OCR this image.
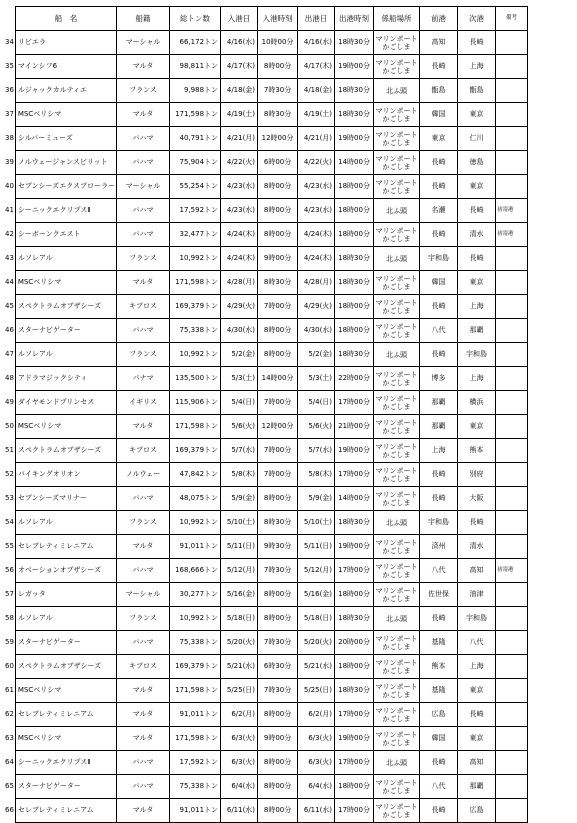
	船　名	船籍	総トン数	入港日	入港時刻	出港日	出港時刻	係船場所	前港	次港	備考
34	リビエラ	マーシャル	66,172トン	4/16(水)	10時00分	4/16(水)	18時30分	マリンポート かごしま	高知	長崎	
35	マインシフ6	マルタ	98,811トン	4/17(木)	8時00分	4/17(木)	19時00分	マリンポート かごしま	長崎	上海	
36	ルジャックカルティエ	フランス	9,988トン	4/18(金)	7時30分	4/18(金)	18時30分	北ふ頭	甑島	甑島	
37	MSCベリシマ	マルタ	171,598トン	4/19(土)	8時30分	4/19(土)	18時30分	マリンポート かごしま	韓国	東京	
38	シルバーミューズ	バハマ	40,791トン	4/21(月)	12時00分	4/21(月)	19時00分	マリンポート かごしま	東京	仁川	
39	ノルウェージャンスピリット	バハマ	75,904トン	4/22(火)	6時00分	4/22(火)	14時00分	マリンポート かごしま	長崎	徳島	
40	セブンシーズエクスプローラー	マーシャル	55,254トン	4/23(水)	8時00分	4/23(水)	18時00分	マリンポート かごしま	長崎	東京	
41	シーニックエクリプスⅡ	バハマ	17,592トン	4/23(水)	8時00分	4/23(水)	18時00分	北ふ頭	名瀬	長崎	初寄港
42	シーボーンクエスト	バハマ	32,477トン	4/24(木)	8時00分	4/24(木)	18時00分	マリンポート かごしま	長崎	清水	初寄港
43	ルソレアル	フランス	10,992トン	4/24(木)	9時00分	4/24(木)	18時30分	北ふ頭	宇和島	長崎	
44	MSCベリシマ	マルタ	171,598トン	4/28(月)	8時30分	4/28(月)	18時30分	マリンポート かごしま	韓国	東京	
45	スペクトラムオブザシーズ	キプロス	169,379トン	4/29(火)	7時00分	4/29(火)	18時00分	マリンポート かごしま	長崎	上海	
46	スターナビゲーター	バハマ	75,338トン	4/30(水)	8時00分	4/30(水)	18時00分	マリンポート かごしま	八代	那覇	
47	ルソレアル	フランス	10,992トン	5/2(金)	8時00分	5/2(金)	18時30分	北ふ頭	長崎	宇和島	
48	アドラマジックシティ	パナマ	135,500トン	5/3(土)	14時00分	5/3(土)	22時00分	マリンポート かごしま	博多	上海	
49	ダイヤモンドプリンセス	イギリス	115,906トン	5/4(日)	7時00分	5/4(日)	17時00分	マリンポート かごしま	那覇	横浜	
50	MSCベリシマ	マルタ	171,598トン	5/6(火)	12時00分	5/6(火)	21時00分	マリンポート かごしま	那覇	東京	
51	スペクトラムオブザシーズ	キプロス	169,379トン	5/7(水)	7時00分	5/7(水)	19時00分	マリンポート かごしま	上海	熊本	
52	バイキングオリオン	ノルウェー	47,842トン	5/8(木)	7時00分	5/8(木)	17時00分	マリンポート かごしま	長崎	別府	
53	セブンシーズマリナー	バハマ	48,075トン	5/9(金)	8時00分	5/9(金)	14時00分	マリンポート かごしま	長崎	大阪	
54	ルソレアル	フランス	10,992トン	5/10(土)	8時30分	5/10(土)	18時30分	北ふ頭	宇和島	長崎	
55	セレブレティミレニアム	マルタ	91,011トン	5/11(日)	9時30分	5/11(日)	19時00分	マリンポート かごしま	済州	清水	
56	オベーションオブザシーズ	バハマ	168,666トン	5/12(月)	7時30分	5/12(月)	17時00分	マリンポート かごしま	八代	高知	初寄港
57	レガッタ	マーシャル	30,277トン	5/16(金)	8時00分	5/16(金)	18時00分	マリンポート かごしま	佐世保	油津	
58	ルソレアル	フランス	10,992トン	5/18(日)	8時00分	5/18(日)	18時30分	北ふ頭	長崎	宇和島	
59	スターナビゲーター	バハマ	75,338トン	5/20(火)	7時30分	5/20(火)	20時00分	マリンポート かごしま	基隆	八代	
60	スペクトラムオブザシーズ	キプロス	169,379トン	5/21(水)	6時30分	5/21(水)	18時00分	マリンポート かごしま	熊本	上海	
61	MSCベリシマ	マルタ	171,598トン	5/25(日)	7時30分	5/25(日)	18時30分	マリンポート かごしま	基隆	東京	
62	セレブレティミレニアム	マルタ	91,011トン	6/2(月)	8時00分	6/2(月)	17時00分	マリンポート かごしま	広島	長崎	
63	MSCベリシマ	マルタ	171,598トン	6/3(火)	9時00分	6/3(火)	19時00分	マリンポート かごしま	韓国	東京	
64	シーニックエクリプスⅡ	バハマ	17,592トン	6/3(火)	8時00分	6/3(火)	17時00分	北ふ頭	長崎	高知	
65	スターナビゲーター	バハマ	75,338トン	6/4(水)	8時00分	6/4(水)	18時00分	マリンポート かごしま	八代	那覇	
66	セレブレティミレニアム	マルタ	91,011トン	6/11(水)	8時00分	6/11(水)	17時00分	マリンポート かごしま	長崎	広島	
